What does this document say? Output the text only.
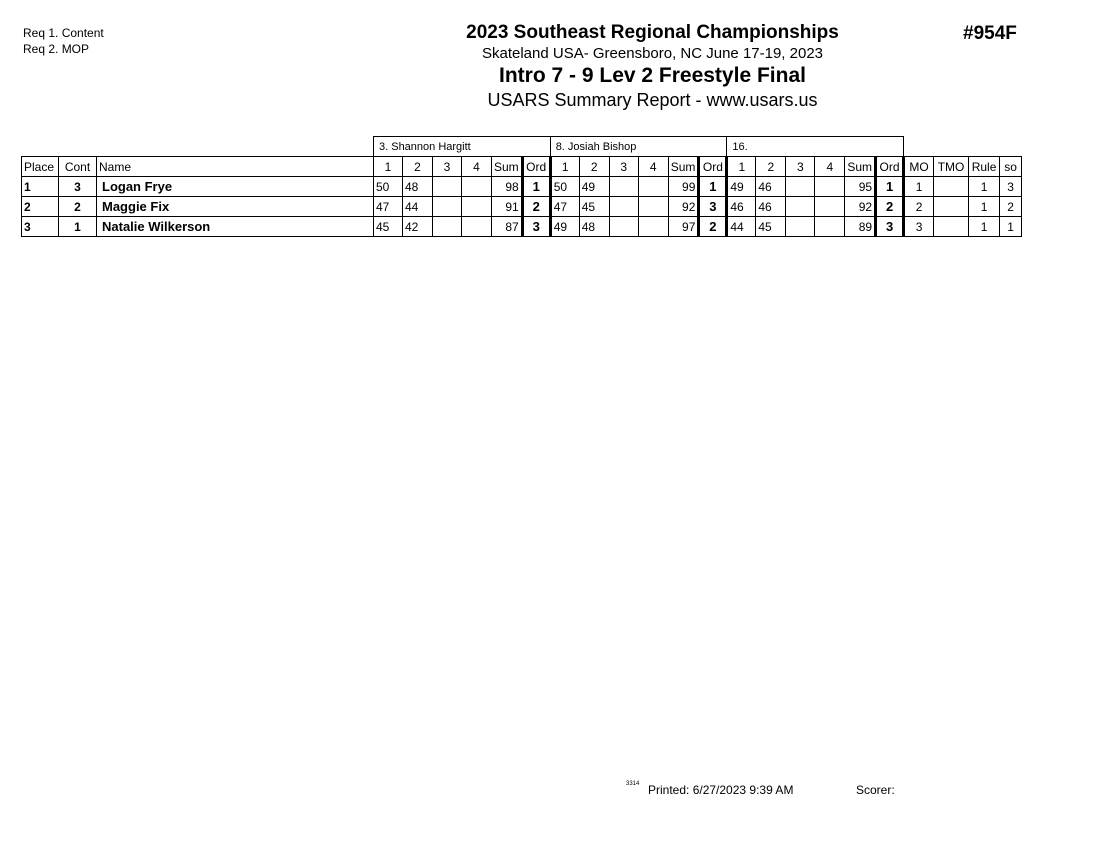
Req 1. Content
Req 2. MOP
2023 Southeast Regional Championships
Skateland USA- Greensboro, NC June 17-19, 2023
Intro 7 - 9 Lev 2 Freestyle Final
USARS Summary Report - www.usars.us
#954F
			3. Shannon Hargitt						8. Josiah Bishop						16.									
Place	Cont	Name	1	2	3	4	Sum	Ord	1	2	3	4	Sum	Ord	1	2	3	4	Sum	Ord	MO	TMO	Rule	so
1	3	Logan Frye	50	48			98	1	50	49			99	1	49	46			95	1	1		1	3
2	2	Maggie Fix	47	44			91	2	47	45			92	3	46	46			92	2	2		1	2
3	1	Natalie Wilkerson	45	42			87	3	49	48			97	2	44	45			89	3	3		1	1
3314 Printed: 6/27/2023 9:39 AM	Scorer:
